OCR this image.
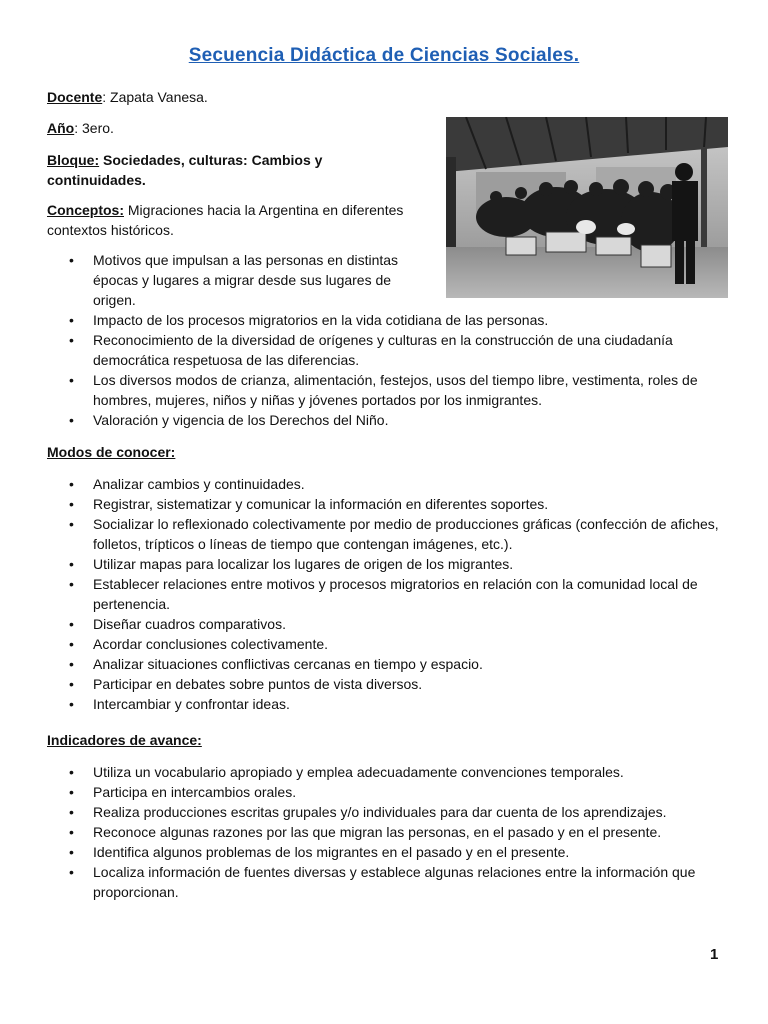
Secuencia Didáctica de Ciencias Sociales.
Docente: Zapata Vanesa.
Año: 3ero.
Bloque: Sociedades, culturas: Cambios y continuidades.
Conceptos: Migraciones hacia la Argentina en diferentes contextos históricos.
• Motivos que impulsan a las personas en distintas épocas y lugares a migrar desde sus lugares de origen.
• Impacto de los procesos migratorios en la vida cotidiana de las personas.
• Reconocimiento de la diversidad de orígenes y culturas en la construcción de una ciudadanía democrática respetuosa de las diferencias.
• Los diversos modos de crianza, alimentación, festejos, usos del tiempo libre, vestimenta, roles de hombres, mujeres, niños y niñas y jóvenes portados por los inmigrantes.
• Valoración y vigencia de los Derechos del Niño.
Modos de conocer:
• Analizar cambios y continuidades.
• Registrar, sistematizar y comunicar la información en diferentes soportes.
• Socializar lo reflexionado colectivamente por medio de producciones gráficas (confección de afiches, folletos, trípticos o líneas de tiempo que contengan imágenes, etc.).
• Utilizar mapas para localizar los lugares de origen de los migrantes.
• Establecer relaciones entre motivos y procesos migratorios en relación con la comunidad local de pertenencia.
• Diseñar cuadros comparativos.
• Acordar conclusiones colectivamente.
• Analizar situaciones conflictivas cercanas en tiempo y espacio.
• Participar en debates sobre puntos de vista diversos.
• Intercambiar y confrontar ideas.
Indicadores de avance:
• Utiliza un vocabulario apropiado y emplea adecuadamente convenciones temporales.
• Participa en intercambios orales.
• Realiza producciones escritas grupales y/o individuales para dar cuenta de los aprendizajes.
• Reconoce algunas razones por las que migran las personas, en el pasado y en el presente.
• Identifica algunos problemas de los migrantes en el pasado y en el presente.
• Localiza información de fuentes diversas y establece algunas relaciones entre la información que proporcionan.
1
